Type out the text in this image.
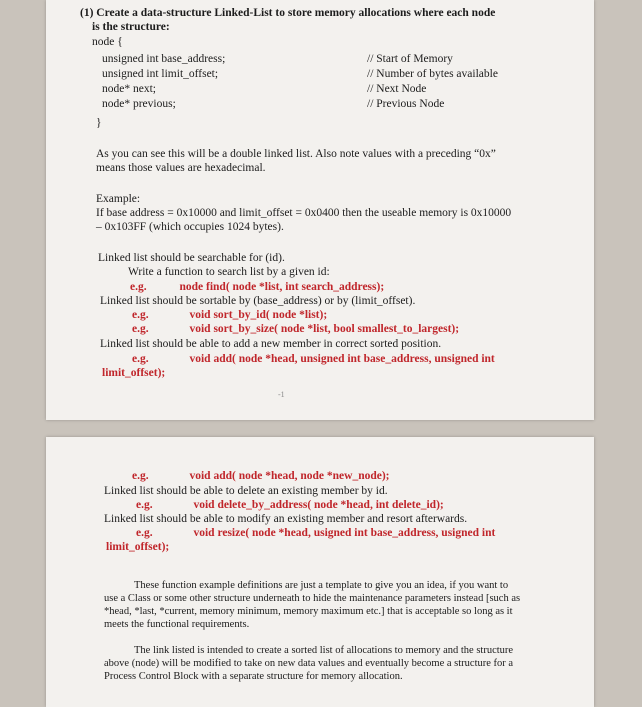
(1) Create a data-structure Linked-List to store memory allocations where each node
is the structure:
node {
unsigned int base_address;	// Start of Memory
unsigned int limit_offset;	// Number of bytes available
node* next;	// Next Node
node* previous;	// Previous Node
}
As you can see this will be a double linked list. Also note values with a preceding “0x”
means those values are hexadecimal.
Example:
If base address = 0x10000 and limit_offset = 0x0400 then the useable memory is 0x10000
– 0x103FF (which occupies 1024 bytes).
Linked list should be searchable for (id).
Write a function to search list by a given id:
e.g.	node find( node *list, int search_address);
Linked list should be sortable by (base_address) or by (limit_offset).
e.g.	void sort_by_id( node *list);
e.g.	void sort_by_size( node *list, bool smallest_to_largest);
Linked list should be able to add a new member in correct sorted position.
e.g.	void add( node *head, unsigned int base_address, unsigned int
limit_offset);
-1
e.g.	void add( node *head, node *new_node);
Linked list should be able to delete an existing member by id.
e.g.	void delete_by_address( node *head, int delete_id);
Linked list should be able to modify an existing member and resort afterwards.
e.g.	void resize( node *head, usigned int base_address, usigned int
limit_offset);
These function example definitions are just a template to give you an idea, if you want to use a Class or some other structure underneath to hide the maintenance parameters instead [such as *head, *last, *current, memory minimum, memory maximum etc.] that is acceptable so long as it meets the functional requirements.
The link listed is intended to create a sorted list of allocations to memory and the structure above (node) will be modified to take on new data values and eventually become a structure for a Process Control Block with a separate structure for memory allocation.
